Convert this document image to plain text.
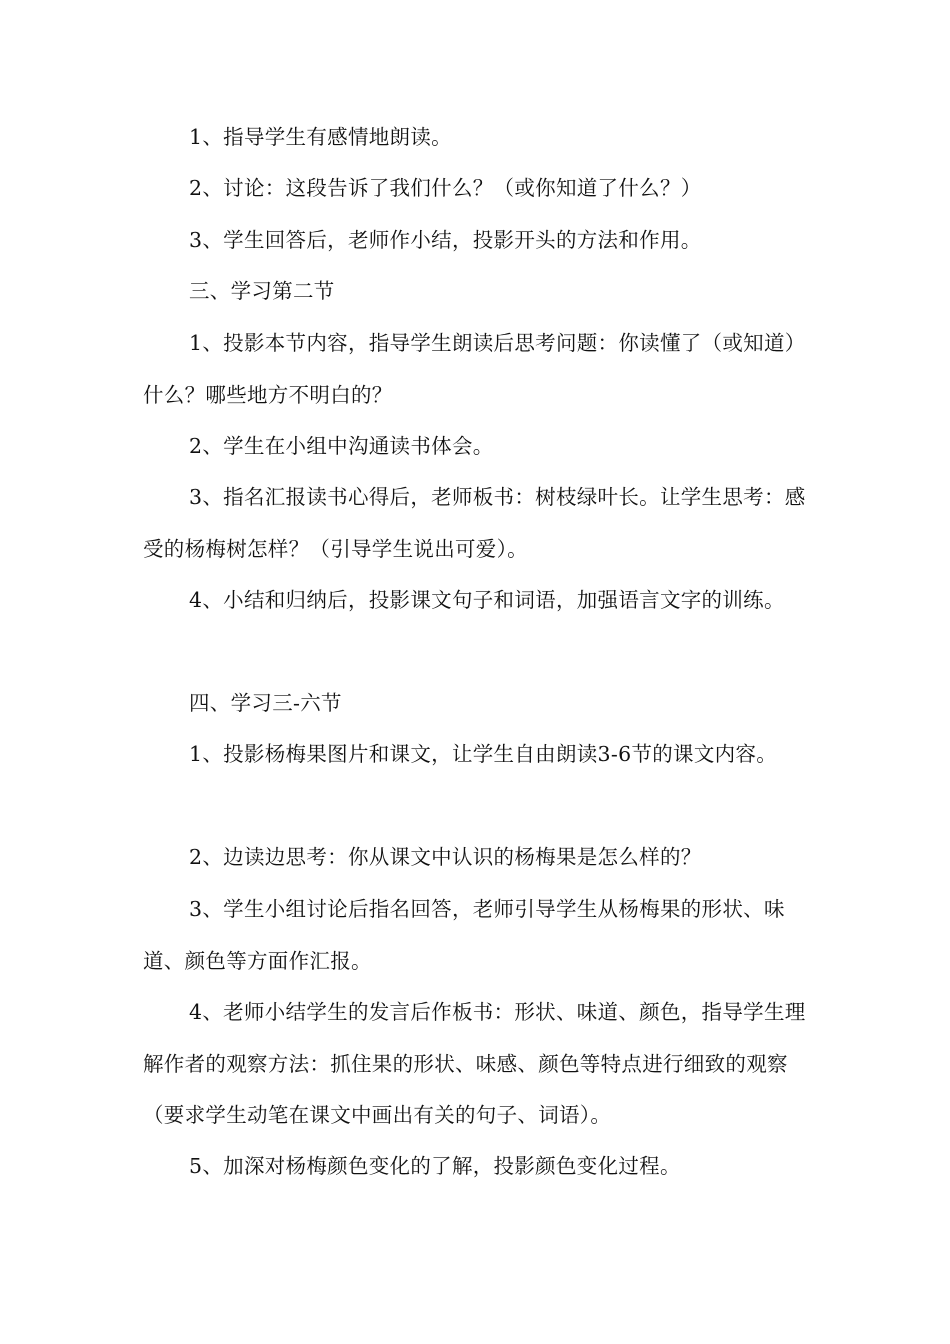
1、指导学生有感情地朗读。

2、讨论：这段告诉了我们什么？（或你知道了什么？）

3、学生回答后，老师作小结，投影开头的方法和作用。

三、学习第二节

1、投影本节内容，指导学生朗读后思考问题：你读懂了（或知道）什么？哪些地方不明白的？

2、学生在小组中沟通读书体会。

3、指名汇报读书心得后，老师板书：树枝绿叶长。让学生思考：感受的杨梅树怎样？（引导学生说出可爱）。

4、小结和归纳后，投影课文句子和词语，加强语言文字的训练。

四、学习三-六节

1、投影杨梅果图片和课文，让学生自由朗读3-6节的课文内容。

2、边读边思考：你从课文中认识的杨梅果是怎么样的？

3、学生小组讨论后指名回答，老师引导学生从杨梅果的形状、味道、颜色等方面作汇报。

4、老师小结学生的发言后作板书：形状、味道、颜色，指导学生理解作者的观察方法：抓住果的形状、味感、颜色等特点进行细致的观察（要求学生动笔在课文中画出有关的句子、词语）。

5、加深对杨梅颜色变化的了解，投影颜色变化过程。
